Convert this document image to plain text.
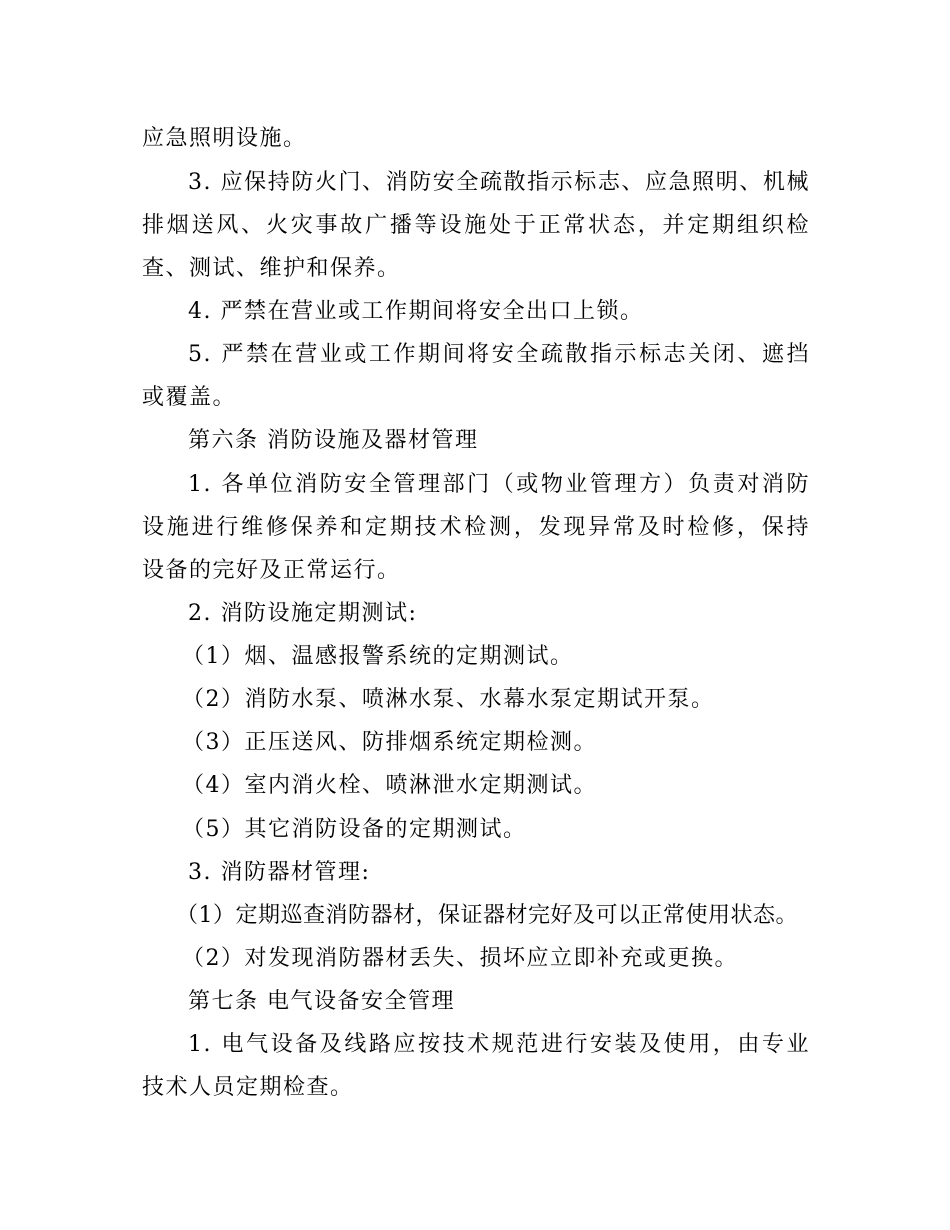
应急照明设施。
3. 应保持防火门、消防安全疏散指示标志、应急照明、机械
排烟送风、火灾事故广播等设施处于正常状态，并定期组织检
查、测试、维护和保养。
4. 严禁在营业或工作期间将安全出口上锁。
5. 严禁在营业或工作期间将安全疏散指示标志关闭、遮挡
或覆盖。
第六条 消防设施及器材管理
1. 各单位消防安全管理部门（或物业管理方）负责对消防
设施进行维修保养和定期技术检测，发现异常及时检修，保持
设备的完好及正常运行。
2. 消防设施定期测试:
（1）烟、温感报警系统的定期测试。
（2）消防水泵、喷淋水泵、水幕水泵定期试开泵。
（3）正压送风、防排烟系统定期检测。
（4）室内消火栓、喷淋泄水定期测试。
（5）其它消防设备的定期测试。
3. 消防器材管理:
（1）定期巡查消防器材，保证器材完好及可以正常使用状态。
（2）对发现消防器材丢失、损坏应立即补充或更换。
第七条 电气设备安全管理
1. 电气设备及线路应按技术规范进行安装及使用，由专业
技术人员定期检查。
